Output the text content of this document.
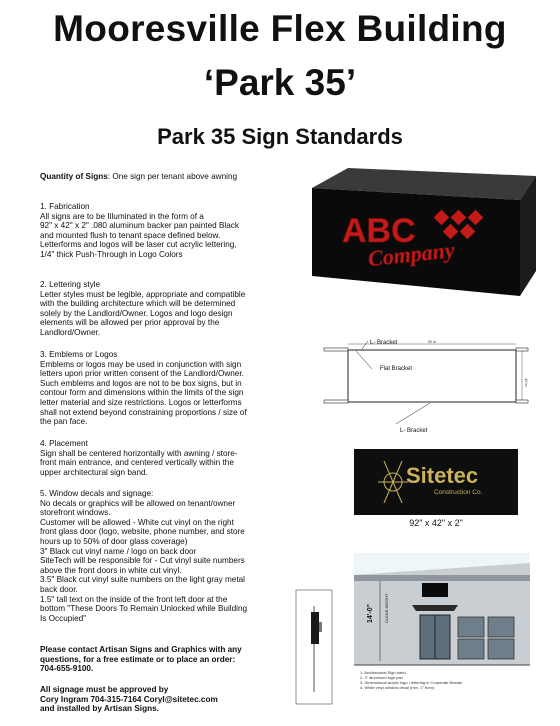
Mooresville Flex Building
‘Park 35’
Park 35 Sign Standards
Quantity of Signs: One sign per tenant above awning
1. Fabrication
All signs are to be Illuminated in the form of a
92" x 42" x 2" .080 aluminum backer pan painted Black
and mounted flush to tenant space defined below.
Letterforms and logos will be laser cut acrylic lettering,
1/4" thick Push-Through in Logo Colors
2. Lettering style
Letter styles must be legible, appropriate and compatible
with the building architecture which will be determined
solely by the Landlord/Owner. Logos and logo design
elements will be allowed per prior approval by the
Landlord/Owner.
3. Emblems or Logos
Emblems or logos may be used in conjunction with sign
letters upon prior written consent of the Landlord/Owner.
Such emblems and logos are not to be box signs, but in
contour form and dimensions within the limits of the sign
letter material and size restrictions. Logos or letterforms
shall not extend beyond constraining proportions / size of
the pan face.
4. Placement
Sign shall be centered horizontally with awning / store-
front main entrance, and centered vertically within the
upper architectural sign band.
5. Window decals and signage:
No decals or graphics will be allowed on tenant/owner
storefront windows.
Customer will be allowed - White cut vinyl on the right
front glass door (logo, website, phone number, and store
hours up to 50% of door glass coverage)
3" Black cut vinyl name / logo on back door
SiteTech will be responsible for - Cut vinyl suite numbers
above the front doors in white cut vinyl.
3.5" Black cut vinyl suite numbers on the light gray metal
back door.
1.5" tall text on the inside of the front left door at the
bottom "These Doors To Remain Unlocked while Building
Is Occupied"
Please contact Artisan Signs and Graphics with any
questions, for a free estimate or to place an order:
704-655-9100.
All signage must be approved by
Cory Ingram 704-315-7164 CoryI@sitetec.com
and installed by Artisan Signs.
ABC
Company
92 in
42 in
L- Bracket
Flat Bracket
L- Bracket
Sitetec
Construction Co.
92" x 42" x 2"
14'-0"	CLEAR HEIGHT
1. Architectural Sign band
2. 2" aluminum sign pan
3. Dimensional acrylic logo / lettering in Corporate Brands
4. White vinyl window decal (min. 1" from)
